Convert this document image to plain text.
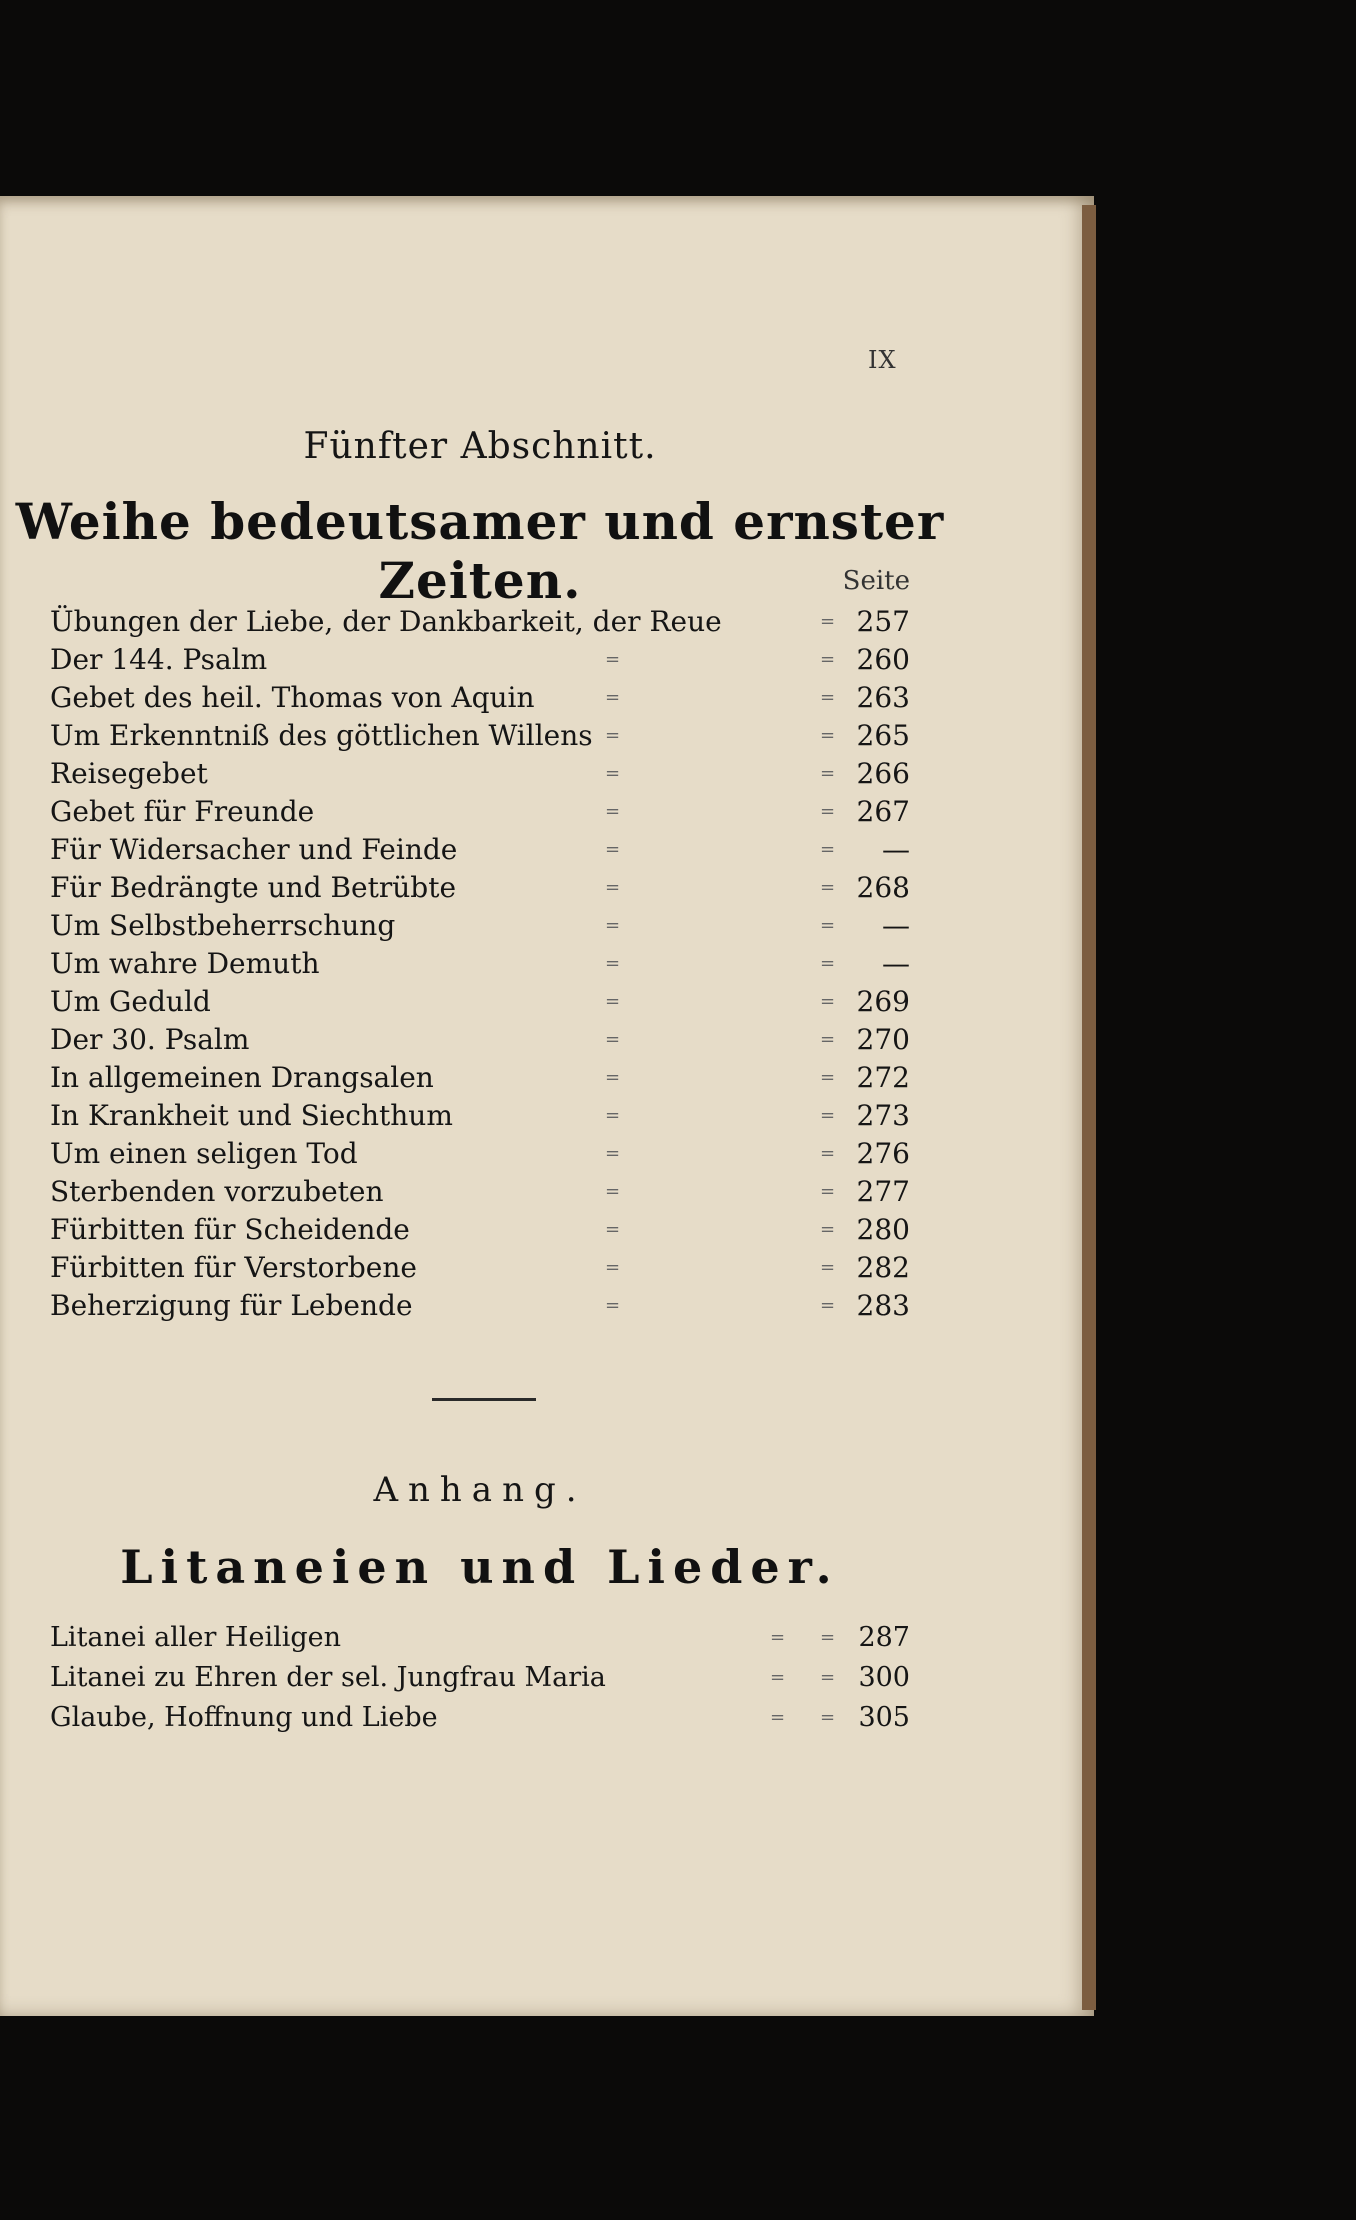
IX
Fünfter Abschnitt.
Weihe bedeutsamer und ernster Zeiten.	Seite
Übungen der Liebe, der Dankbarkeit, der Reue	= 257
Der 144. Psalm	=	= 260
Gebet des heil. Thomas von Aquin	=	= 263
Um Erkenntniß des göttlichen Willens =	= 265
Reisegebet	=	= 266
Gebet für Freunde	=	= 267
Für Widersacher und Feinde	=	=	—
Für Bedrängte und Betrübte	=	= 268
Um Selbstbeherrschung	=	=	—
Um wahre Demuth	=	=	—
Um Geduld	=	= 269
Der 30. Psalm	=	= 270
In allgemeinen Drangsalen	=	= 272
In Krankheit und Siechthum	=	= 273
Um einen seligen Tod	=	= 276
Sterbenden vorzubeten	=	= 277
Fürbitten für Scheidende	=	= 280
Fürbitten für Verstorbene	=	= 282
Beherzigung für Lebende	=	= 283
Anhang.
Litaneien und Lieder.
Litanei aller Heiligen	= = 287
Litanei zu Ehren der sel. Jungfrau Maria	= = 300
Glaube, Hoffnung und Liebe	= = 305
